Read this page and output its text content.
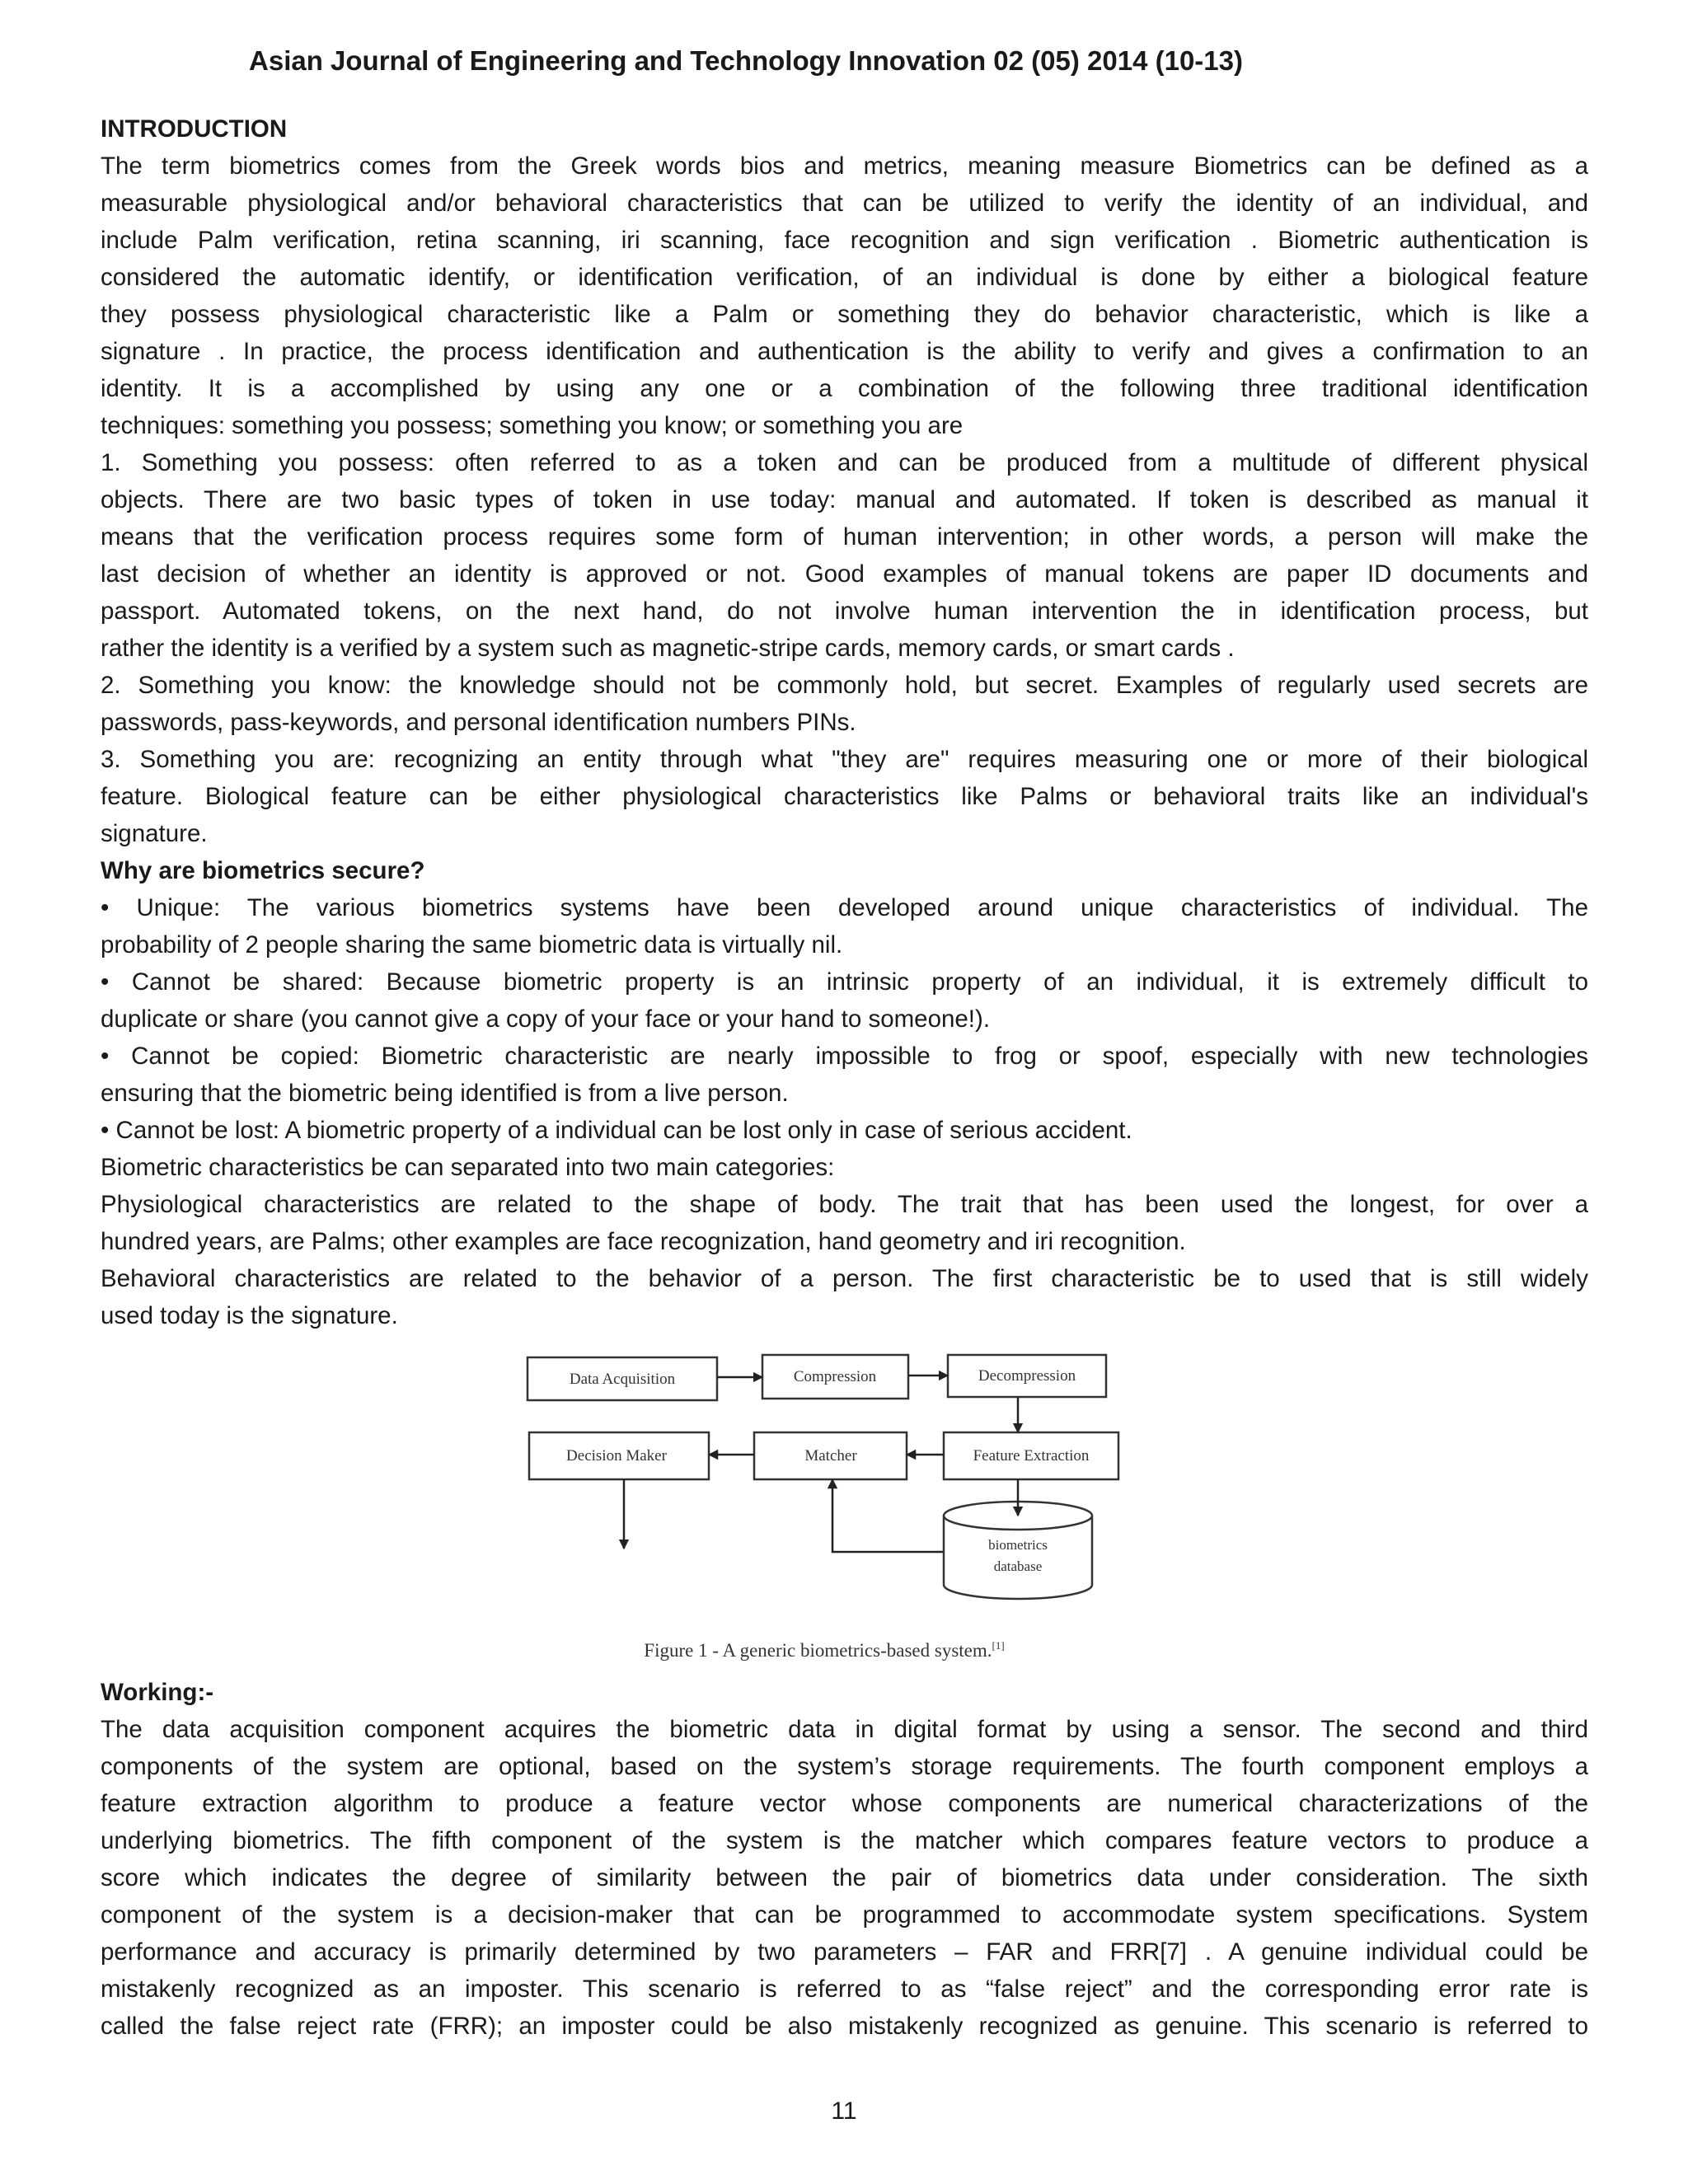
Asian Journal of Engineering and Technology Innovation 02 (05) 2014 (10-13)
INTRODUCTION
The term biometrics comes from the Greek words bios and metrics, meaning measure Biometrics can be defined as a
measurable physiological and/or behavioral characteristics that can be utilized to verify the identity of an individual, and
include Palm verification, retina scanning, iri scanning, face recognition and sign verification . Biometric authentication is
considered the automatic identify, or identification verification, of an individual is done by either a biological feature
they possess physiological characteristic like a Palm or something they do behavior characteristic, which is like a
signature . In practice, the process identification and authentication is the ability to verify and gives a confirmation to an
identity. It is a accomplished by using any one or a combination of the following three traditional identification
techniques: something you possess; something you know; or something you are
1. Something you possess: often referred to as a token and can be produced from a multitude of different physical
objects. There are two basic types of token in use today: manual and automated. If token is described as manual it
means that the verification process requires some form of human intervention; in other words, a person will make the
last decision of whether an identity is approved or not. Good examples of manual tokens are paper ID documents and
passport. Automated tokens, on the next hand, do not involve human intervention the in identification process, but
rather the identity is a verified by a system such as magnetic-stripe cards, memory cards, or smart cards .
2. Something you know: the knowledge should not be commonly hold, but secret. Examples of regularly used secrets are
passwords, pass-keywords, and personal identification numbers PINs.
3. Something you are: recognizing an entity through what "they are" requires measuring one or more of their biological
feature. Biological feature can be either physiological characteristics like Palms or behavioral traits like an individual's
signature.
Why are biometrics secure?
• Unique: The various biometrics systems have been developed around unique characteristics of individual. The
probability of 2 people sharing the same biometric data is virtually nil.
• Cannot be shared: Because biometric property is an intrinsic property of an individual, it is extremely difficult to
duplicate or share (you cannot give a copy of your face or your hand to someone!).
• Cannot be copied: Biometric characteristic are nearly impossible to frog or spoof, especially with new technologies
ensuring that the biometric being identified is from a live person.
• Cannot be lost: A biometric property of a individual can be lost only in case of serious accident.
Biometric characteristics be can separated into two main categories:
Physiological characteristics are related to the shape of body. The trait that has been used the longest, for over a
hundred years, are Palms; other examples are face recognization, hand geometry and iri recognition.
Behavioral characteristics are related to the behavior of a person. The first characteristic be to used that is still widely
used today is the signature.
Data Acquisition	Compression	Decompression
Decision Maker	Matcher	Feature Extraction
biometrics
database
Figure 1 - A generic biometrics-based system.[1]
Working:-
The data acquisition component acquires the biometric data in digital format by using a sensor. The second and third
components of the system are optional, based on the system’s storage requirements. The fourth component employs a
feature extraction algorithm to produce a feature vector whose components are numerical characterizations of the
underlying biometrics. The fifth component of the system is the matcher which compares feature vectors to produce a
score which indicates the degree of similarity between the pair of biometrics data under consideration. The sixth
component of the system is a decision-maker that can be programmed to accommodate system specifications. System
performance and accuracy is primarily determined by two parameters – FAR and FRR[7] . A genuine individual could be
mistakenly recognized as an imposter. This scenario is referred to as “false reject” and the corresponding error rate is
called the false reject rate (FRR); an imposter could be also mistakenly recognized as genuine. This scenario is referred to
11
